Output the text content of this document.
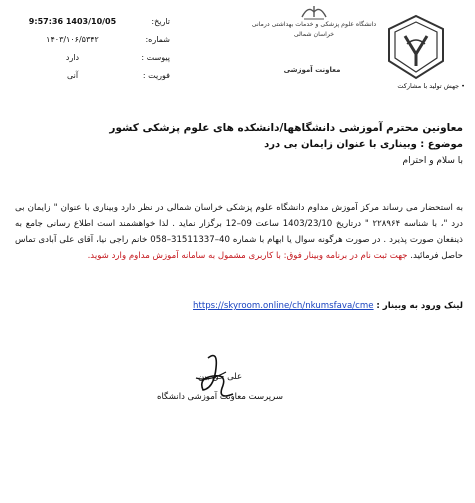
9:57:36 1403/10/05	تاریخ:
۱۴۰۳/۱۰۶/۵۳۴۲	شماره:
دارد	پیوست :
آنی	فوریت :
دانشگاه علوم پزشکی و خدمات بهداشتی درمانی
خراسان شمالی
معاونت آموزشی
• جهش تولید با مشارکت
معاونین محترم آموزشی دانشگاهها/دانشکده های علوم پزشکی کشور
موضوع : وبیناری با عنوان زایمان بی درد
با سلام و احترام
به استحضار می رساند مرکز آموزش مداوم دانشگاه علوم پزشکی خراسان شمالی در نظر دارد وبیناری با عنوان " زایمان بی درد "، با شناسه ۲۲۸۹۶۴ " درتاریخ 1403/23/10 ساعت 09–12 برگزار نماید . لذا خواهشمند است اطلاع رسانی جامع به ذینفعان صورت پذیرد . در صورت هرگونه سوال یا ابهام با شماره 40–31511337–058 خانم راجی نیا، آقای علی آبادی تماس حاصل فرمائید. جهت ثبت نام در برنامه وبینار فوق: با کاربری مشمول به سامانه آموزش مداوم وارد شوید.
لینک ورود به وبینار : https://skyroom.online/ch/nkumsfava/cme
علی حق بین
سرپرست معاونت آموزشی دانشگاه
